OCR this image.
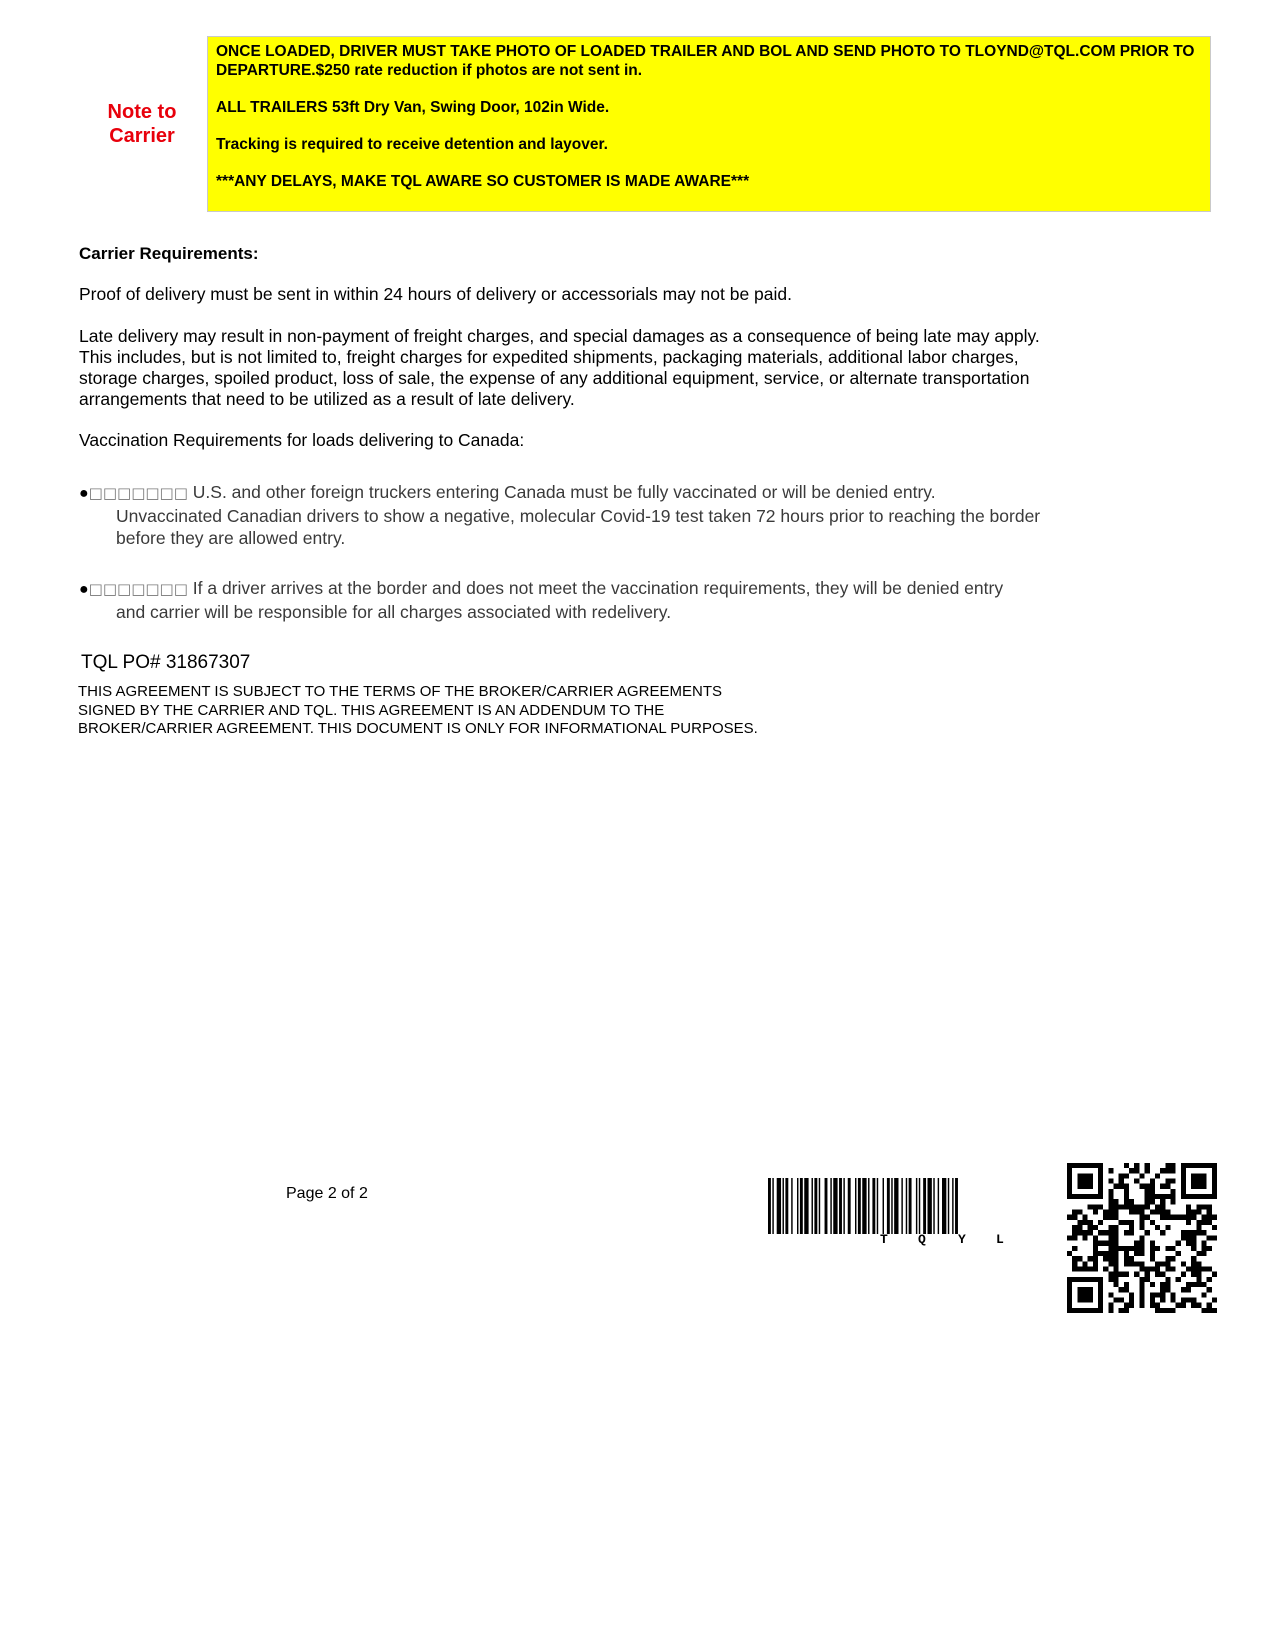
Note to Carrier

ONCE LOADED, DRIVER MUST TAKE PHOTO OF LOADED TRAILER AND BOL AND SEND PHOTO TO TLOYND@TQL.COM PRIOR TO DEPARTURE.$250 rate reduction if photos are not sent in.

ALL TRAILERS 53ft Dry Van, Swing Door, 102in Wide.

Tracking is required to receive detention and layover.

***ANY DELAYS, MAKE TQL AWARE SO CUSTOMER IS MADE AWARE***

Carrier Requirements:
Proof of delivery must be sent in within 24 hours of delivery or accessorials may not be paid.
Late delivery may result in non-payment of freight charges, and special damages as a consequence of being late may apply. This includes, but is not limited to, freight charges for expedited shipments, packaging materials, additional labor charges, storage charges, spoiled product, loss of sale, the expense of any additional equipment, service, or alternate transportation arrangements that need to be utilized as a result of late delivery.
Vaccination Requirements for loads delivering to Canada:
●□□□□□□□ U.S. and other foreign truckers entering Canada must be fully vaccinated or will be denied entry.
Unvaccinated Canadian drivers to show a negative, molecular Covid-19 test taken 72 hours prior to reaching the border before they are allowed entry.
●□□□□□□□ If a driver arrives at the border and does not meet the vaccination requirements, they will be denied entry
and carrier will be responsible for all charges associated with redelivery.
TQL PO# 31867307
THIS AGREEMENT IS SUBJECT TO THE TERMS OF THE BROKER/CARRIER AGREEMENTS SIGNED BY THE CARRIER AND TQL. THIS AGREEMENT IS AN ADDENDUM TO THE BROKER/CARRIER AGREEMENT. THIS DOCUMENT IS ONLY FOR INFORMATIONAL PURPOSES.
Page 2 of 2
T Q Y L
